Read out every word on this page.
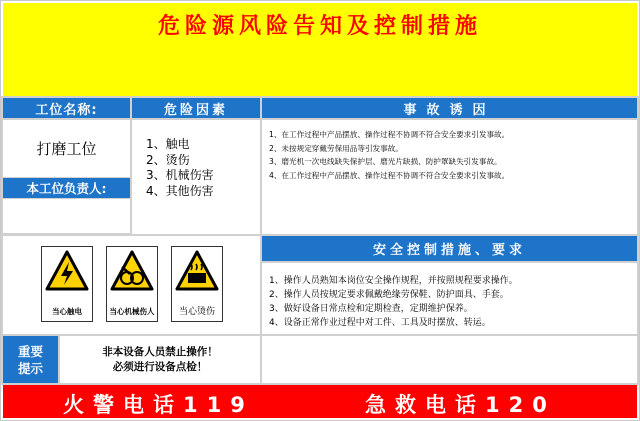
危险源风险告知及控制措施
工位名称:	危险因素	事故诱因
打磨工位
本工位负责人:
1、触电
2、烫伤
3、机械伤害
4、其他伤害
1、在工作过程中产品摆放、操作过程不协调不符合安全要求引发事故。
2、未按规定穿戴劳保用品等引发事故。
3、磨光机一次电线缺失保护层、磨光片缺损、防护罩缺失引发事故。
4、在工作过程中产品摆放、操作过程不协调不符合安全要求引发事故。
当心触电	当心机械伤人	当心烫伤
安全控制措施、要求
1、操作人员熟知本岗位安全操作规程，并按照规程要求操作。
2、操作人员按规定要求佩戴绝缘劳保鞋、防护面具、手套。
3、做好设备日常点检和定期检查，定期维护保养。
4、设备正常作业过程中对工件、工具及时摆放、转运。
重要
提示
非本设备人员禁止操作！
必须进行设备点检！
火警电话119	急救电话120
